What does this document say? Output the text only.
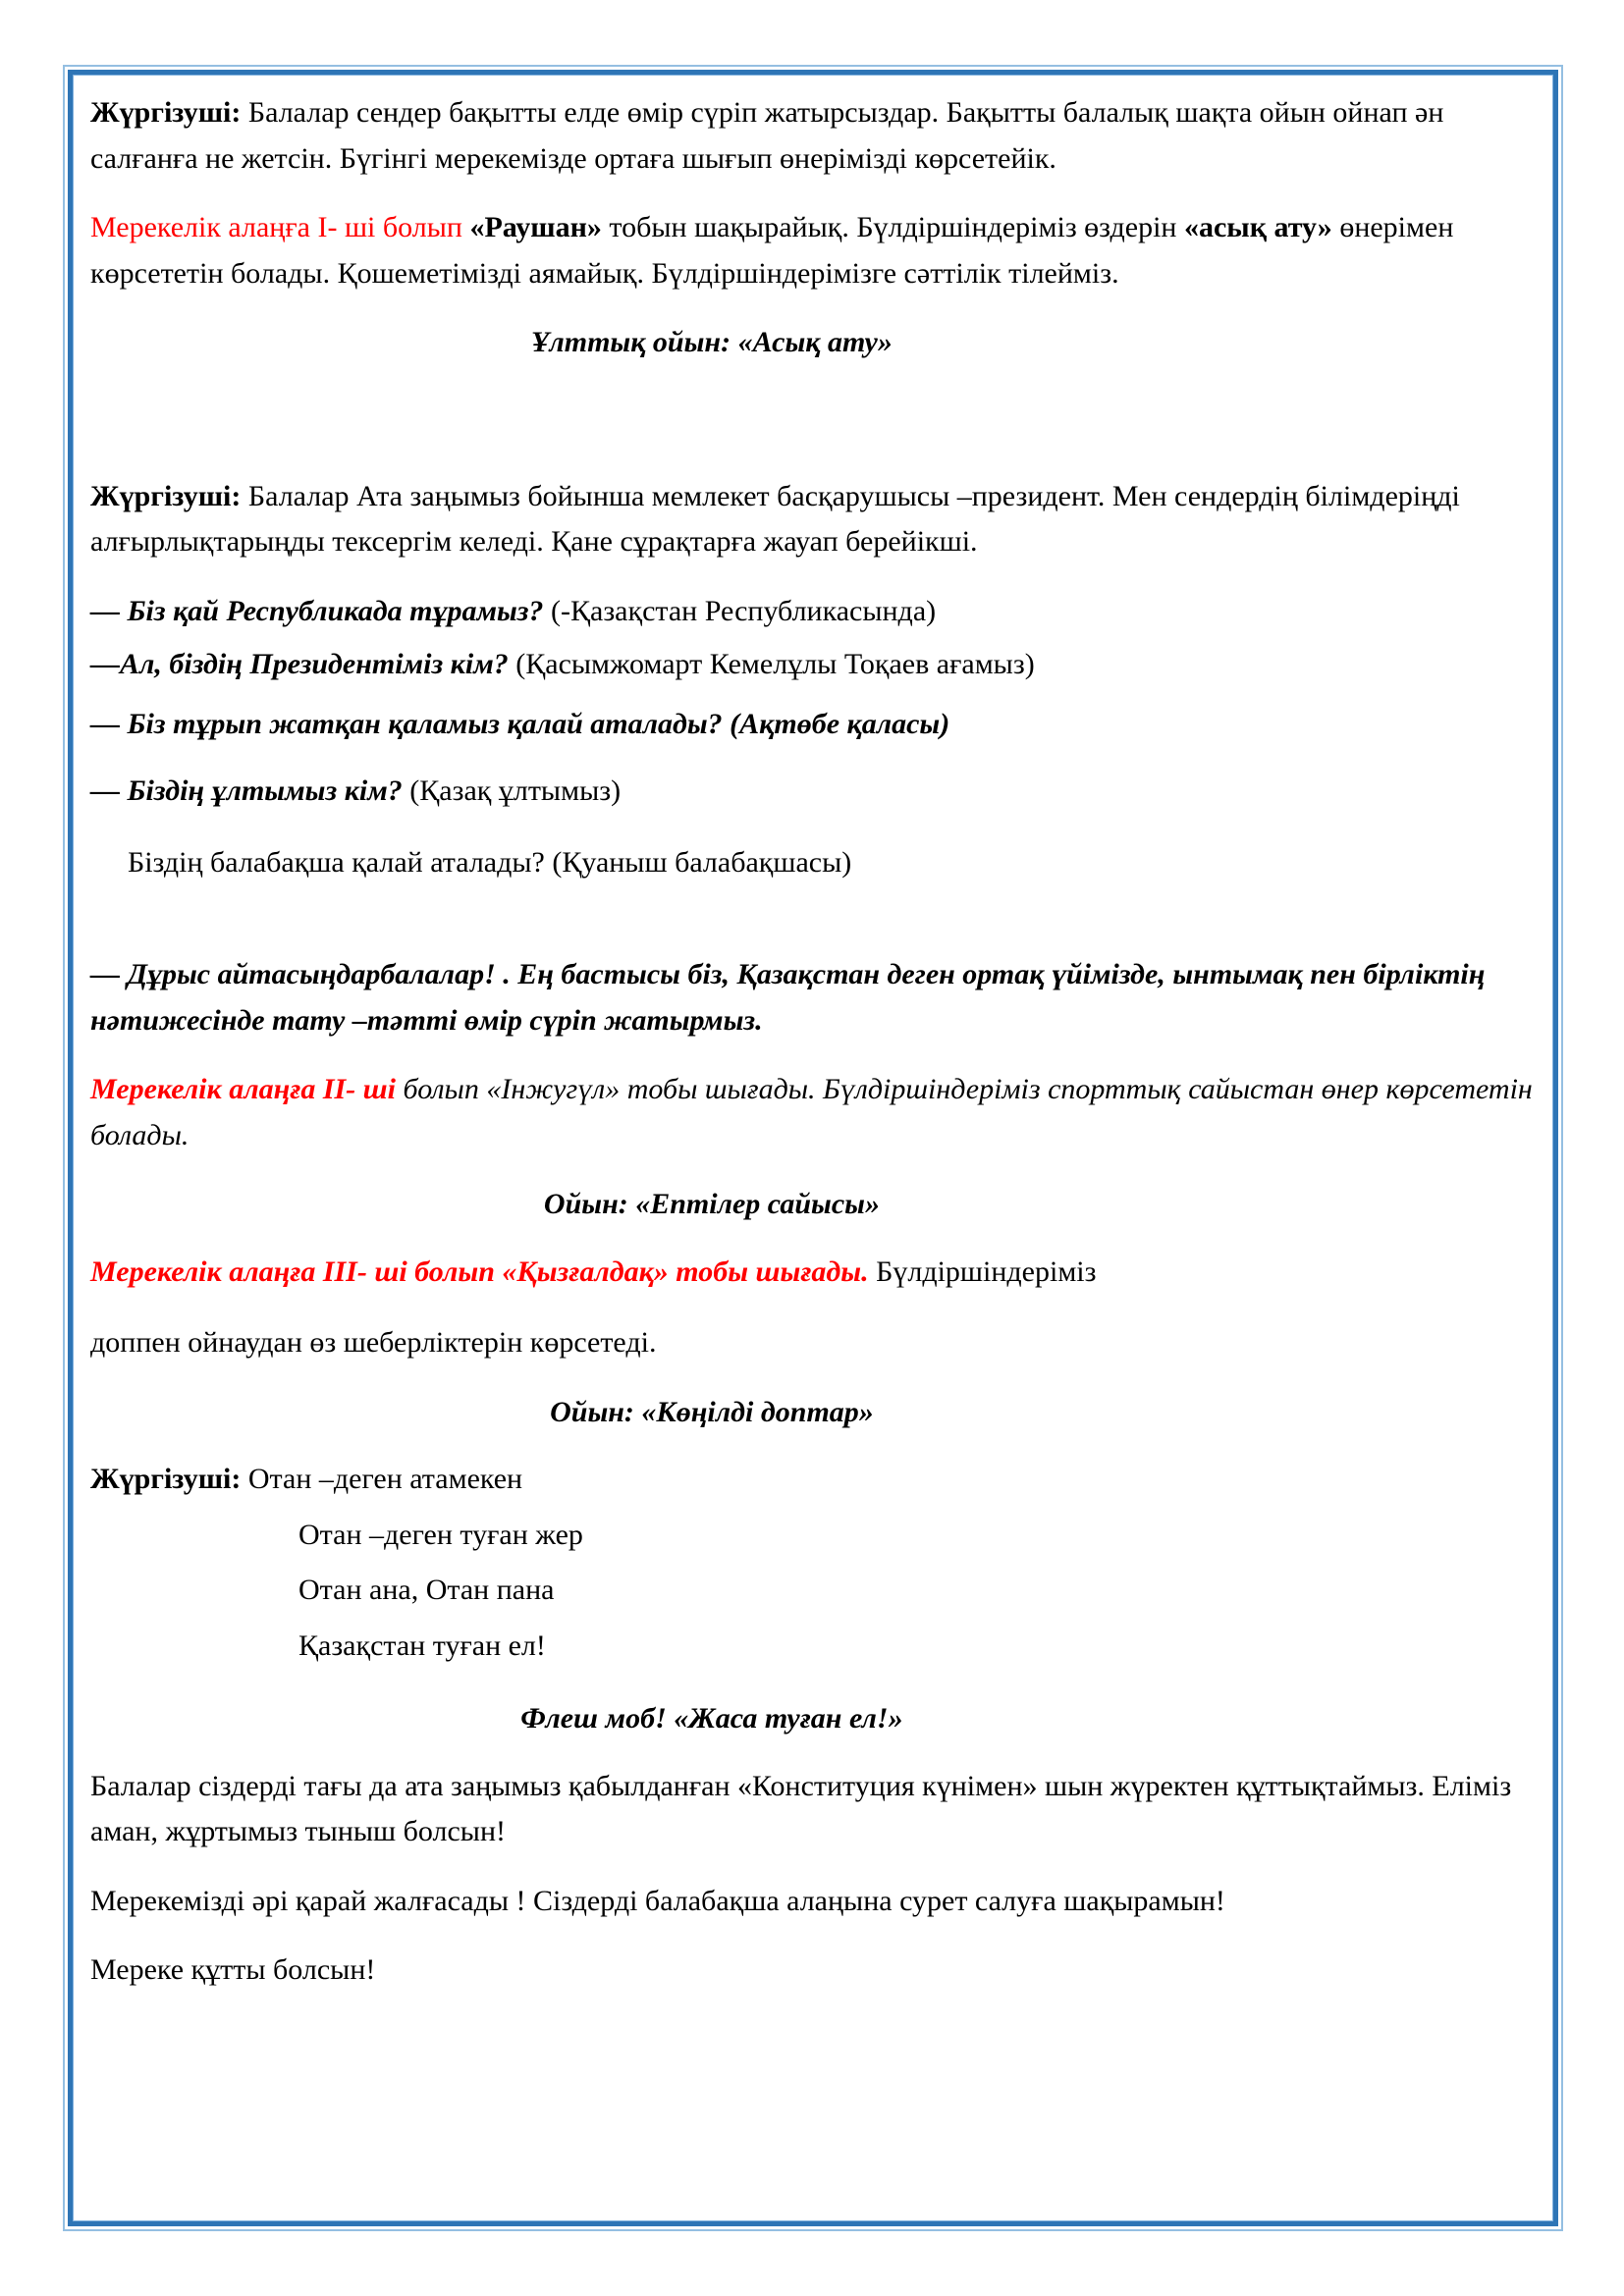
Жүргізуші: Балалар сендер бақытты елде өмір сүріп жатырсыздар. Бақытты балалық шақта ойын ойнап ән салғанға не жетсін. Бүгінгі мерекемізде ортаға шығып өнерімізді көрсетейік.

Мерекелік алаңға І- ші болып «Раушан» тобын шақырайық. Бүлдіршіндеріміз өздерін «асық ату» өнерімен көрсететін болады. Қошеметімізді аямайық. Бүлдіршіндерімізге сәттілік тілейміз.

Ұлттық ойын: «Асық ату»

Жүргізуші: Балалар Ата заңымыз бойынша мемлекет басқарушысы –президент. Мен сендердің білімдеріңді алғырлықтарыңды тексергім келеді. Қане сұрақтарға жауап берейікші.

— Біз қай Республикада тұрамыз? (-Қазақстан Республикасында)

—Ал, біздің Президентіміз кім? (Қасымжомарт Кемелұлы Тоқаев ағамыз)

— Біз тұрып жатқан қаламыз қалай аталады? (Ақтөбе қаласы)

— Біздің ұлтымыз кім? (Қазақ ұлтымыз)

Біздің балабақша қалай аталады? (Қуаныш балабақшасы)

— Дұрыс айтасыңдарбалалар! . Ең бастысы біз, Қазақстан деген ортақ үйімізде, ынтымақ пен бірліктің нәтижесінде тату –тәтті өмір сүріп жатырмыз.

Мерекелік алаңға ІІ- ші болып «Інжугүл» тобы шығады. Бүлдіршіндеріміз спорттық сайыстан өнер көрсететін болады.

Ойын: «Ептілер сайысы»

Мерекелік алаңға ІІІ- ші болып «Қызғалдақ» тобы шығады. Бүлдіршіндеріміз

доппен ойнаудан өз шеберліктерін көрсетеді.

Ойын: «Көңілді доптар»

Жүргізуші: Отан –деген атамекен

Отан –деген туған жер

Отан ана, Отан пана

Қазақстан туған ел!

Флеш моб! «Жаса туған ел!»

Балалар сіздерді тағы да ата заңымыз қабылданған «Конституция күнімен» шын жүректен құттықтаймыз. Еліміз аман, жұртымыз тыныш болсын!

Мерекемізді әрі қарай жалғасады ! Сіздерді балабақша алаңына сурет салуға шақырамын!

Мереке құтты болсын!
